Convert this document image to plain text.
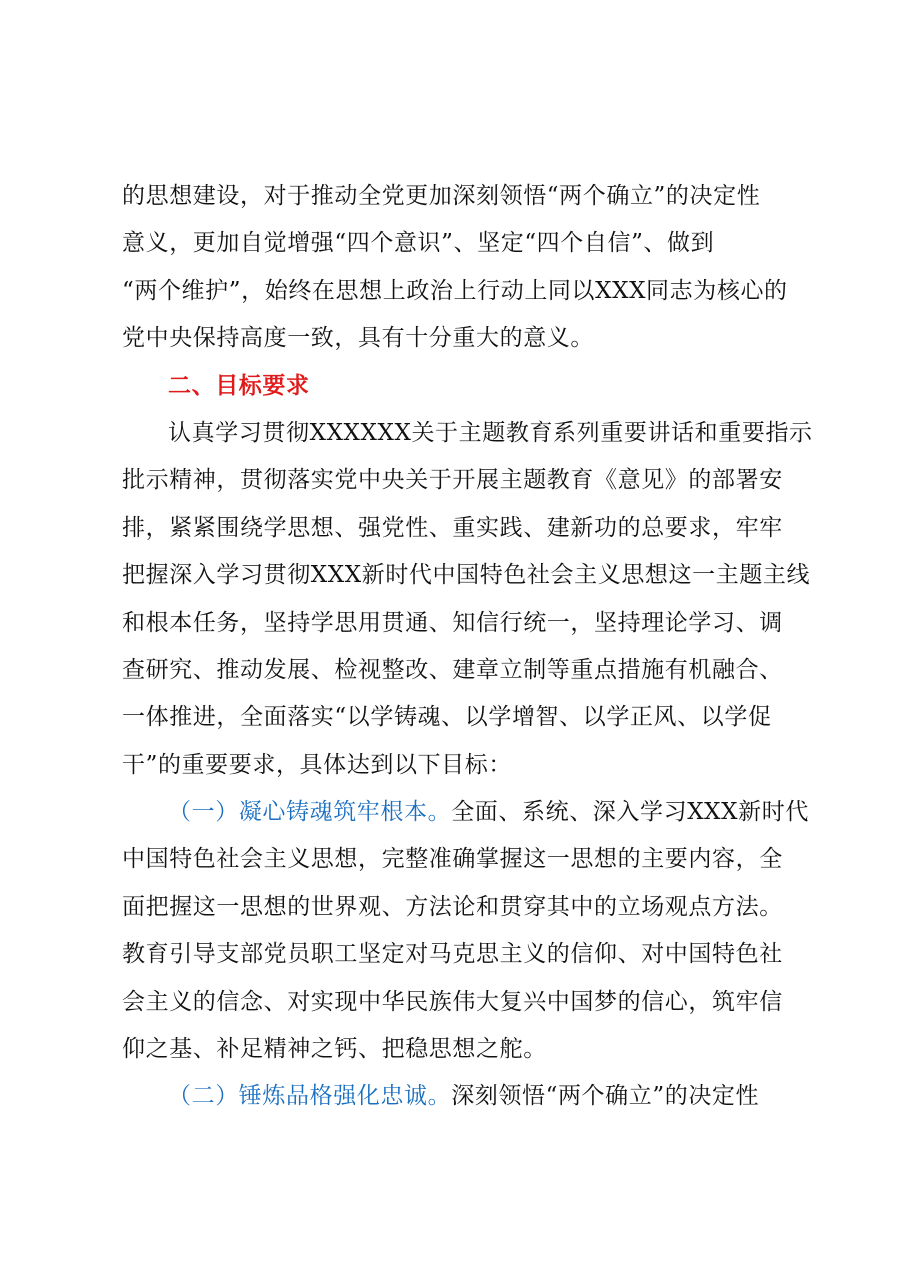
的思想建设，对于推动全党更加深刻领悟“两个确立”的决定性
意义，更加自觉增强“四个意识”、坚定“四个自信”、做到
“两个维护”，始终在思想上政治上行动上同以XXX同志为核心的
党中央保持高度一致，具有十分重大的意义。
二、目标要求
认真学习贯彻XXXXXX关于主题教育系列重要讲话和重要指示
批示精神，贯彻落实党中央关于开展主题教育《意见》的部署安
排，紧紧围绕学思想、强党性、重实践、建新功的总要求，牢牢
把握深入学习贯彻XXX新时代中国特色社会主义思想这一主题主线
和根本任务，坚持学思用贯通、知信行统一，坚持理论学习、调
查研究、推动发展、检视整改、建章立制等重点措施有机融合、
一体推进，全面落实“以学铸魂、以学增智、以学正风、以学促
干”的重要要求，具体达到以下目标：
（一）凝心铸魂筑牢根本。全面、系统、深入学习XXX新时代
中国特色社会主义思想，完整准确掌握这一思想的主要内容，全
面把握这一思想的世界观、方法论和贯穿其中的立场观点方法。
教育引导支部党员职工坚定对马克思主义的信仰、对中国特色社
会主义的信念、对实现中华民族伟大复兴中国梦的信心，筑牢信
仰之基、补足精神之钙、把稳思想之舵。
（二）锤炼品格强化忠诚。深刻领悟“两个确立”的决定性
